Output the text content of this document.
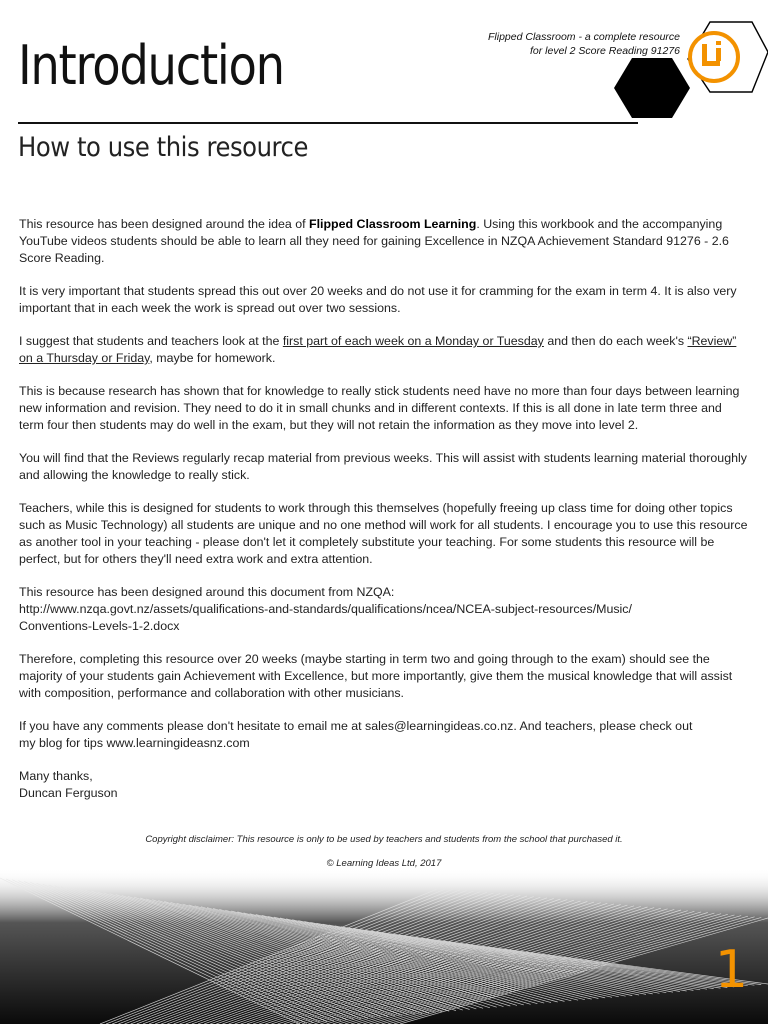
Introduction	Flipped Classroom - a complete resource
for level 2 Score Reading 91276
How to use this resource

This resource has been designed around the idea of Flipped Classroom Learning. Using this workbook and the accompanying YouTube videos students should be able to learn all they need for gaining Excellence in NZQA Achievement Standard 91276 - 2.6 Score Reading.

It is very important that students spread this out over 20 weeks and do not use it for cramming for the exam in term 4. It is also very important that in each week the work is spread out over two sessions.

I suggest that students and teachers look at the first part of each week on a Monday or Tuesday and then do each week's “Review” on a Thursday or Friday, maybe for homework.

This is because research has shown that for knowledge to really stick students need have no more than four days between learning new information and revision. They need to do it in small chunks and in different contexts. If this is all done in late term three and term four then students may do well in the exam, but they will not retain the information as they move into level 2.

You will find that the Reviews regularly recap material from previous weeks. This will assist with students learning material thoroughly and allowing the knowledge to really stick.

Teachers, while this is designed for students to work through this themselves (hopefully freeing up class time for doing other topics such as Music Technology) all students are unique and no one method will work for all students. I encourage you to use this resource as another tool in your teaching - please don't let it completely substitute your teaching. For some students this resource will be perfect, but for others they'll need extra work and extra attention.

This resource has been designed around this document from NZQA:
http://www.nzqa.govt.nz/assets/qualifications-and-standards/qualifications/ncea/NCEA-subject-resources/Music/
Conventions-Levels-1-2.docx

Therefore, completing this resource over 20 weeks (maybe starting in term two and going through to the exam) should see the majority of your students gain Achievement with Excellence, but more importantly, give them the musical knowledge that will assist with composition, performance and collaboration with other musicians.

If you have any comments please don't hesitate to email me at sales@learningideas.co.nz. And teachers, please check out
my blog for tips www.learningideasnz.com

Many thanks,
Duncan Ferguson

Copyright disclaimer: This resource is only to be used by teachers and students from the school that purchased it.
© Learning Ideas Ltd, 2017
1
